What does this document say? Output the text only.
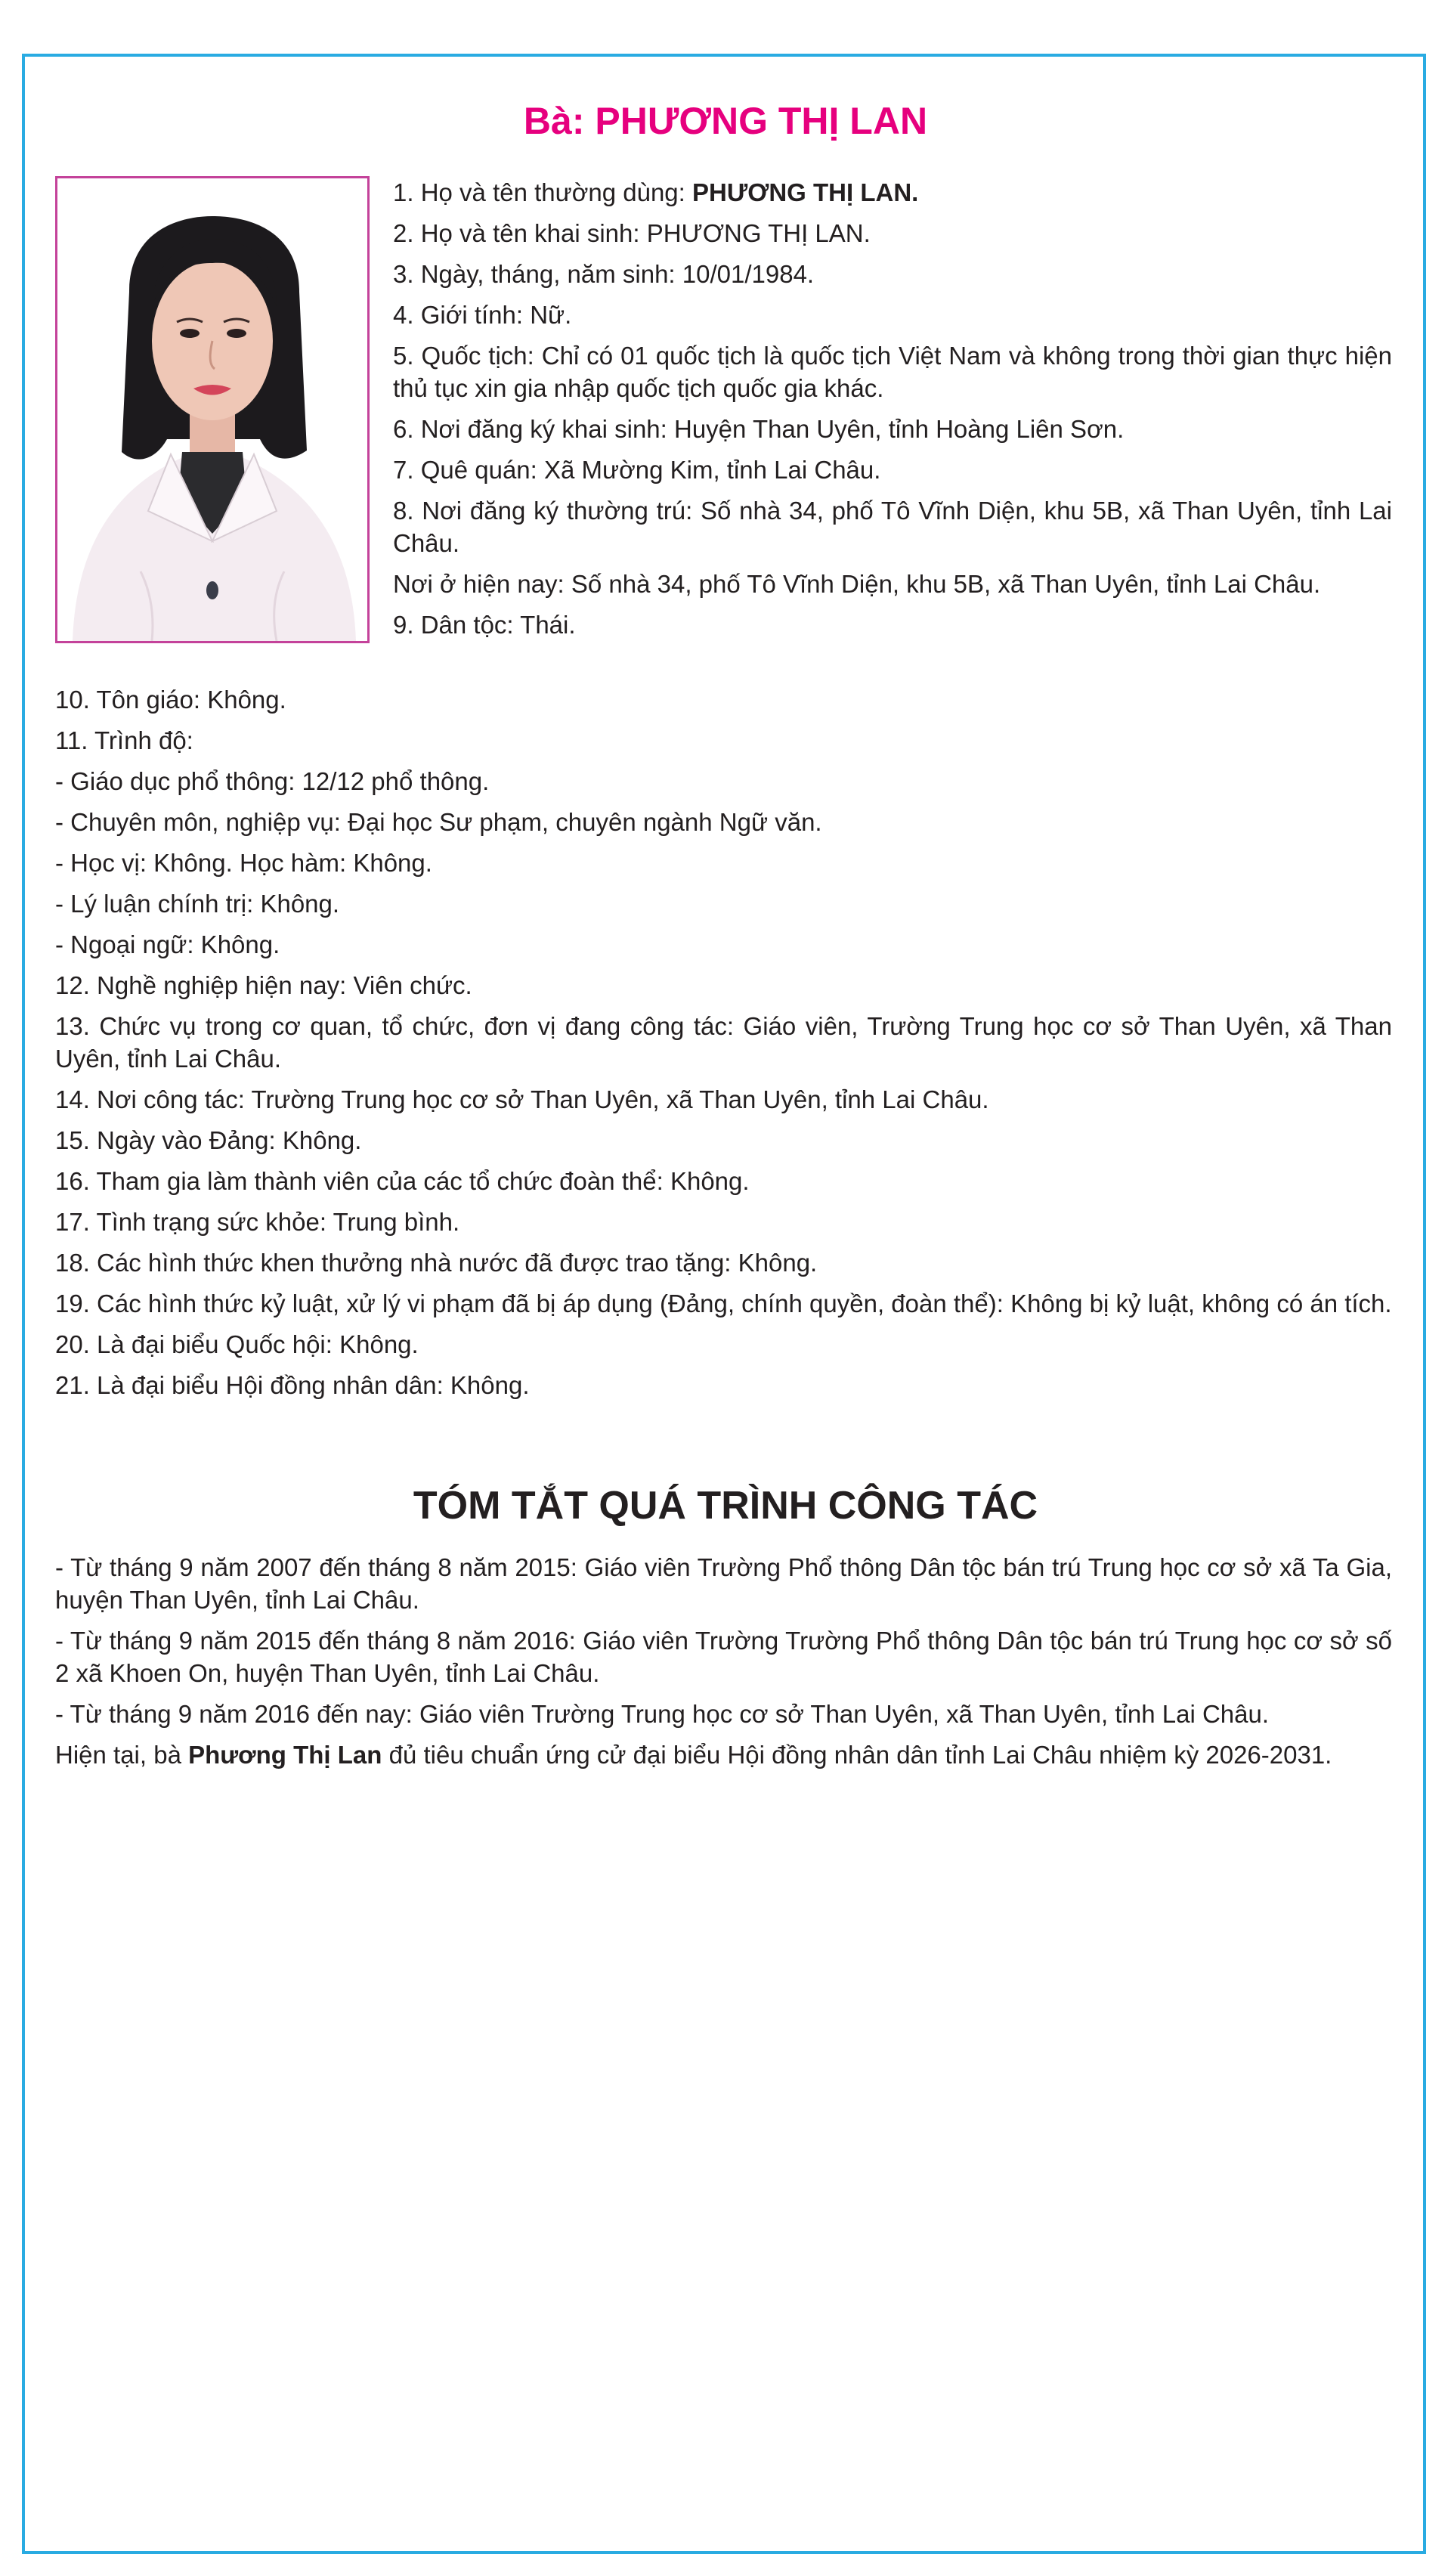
Bà: PHƯƠNG THỊ LAN

1. Họ và tên thường dùng: PHƯƠNG THỊ LAN.

2. Họ và tên khai sinh: PHƯƠNG THỊ LAN.

3. Ngày, tháng, năm sinh: 10/01/1984.

4. Giới tính: Nữ.

5. Quốc tịch: Chỉ có 01 quốc tịch là quốc tịch Việt Nam và không trong thời gian thực hiện thủ tục xin gia nhập quốc tịch quốc gia khác.

6. Nơi đăng ký khai sinh: Huyện Than Uyên, tỉnh Hoàng Liên Sơn.

7. Quê quán: Xã Mường Kim, tỉnh Lai Châu.

8. Nơi đăng ký thường trú: Số nhà 34, phố Tô Vĩnh Diện, khu 5B, xã Than Uyên, tỉnh Lai Châu.

Nơi ở hiện nay: Số nhà 34, phố Tô Vĩnh Diện, khu 5B, xã Than Uyên, tỉnh Lai Châu.

9. Dân tộc: Thái.

10. Tôn giáo: Không.

11. Trình độ:

- Giáo dục phổ thông: 12/12 phổ thông.

- Chuyên môn, nghiệp vụ: Đại học Sư phạm, chuyên ngành Ngữ văn.

- Học vị: Không. Học hàm: Không.

- Lý luận chính trị: Không.

- Ngoại ngữ: Không.

12. Nghề nghiệp hiện nay: Viên chức.

13. Chức vụ trong cơ quan, tổ chức, đơn vị đang công tác: Giáo viên, Trường Trung học cơ sở Than Uyên, xã Than Uyên, tỉnh Lai Châu.

14. Nơi công tác: Trường Trung học cơ sở Than Uyên, xã Than Uyên, tỉnh Lai Châu.

15. Ngày vào Đảng: Không.

16. Tham gia làm thành viên của các tổ chức đoàn thể: Không.

17. Tình trạng sức khỏe: Trung bình.

18. Các hình thức khen thưởng nhà nước đã được trao tặng: Không.

19. Các hình thức kỷ luật, xử lý vi phạm đã bị áp dụng (Đảng, chính quyền, đoàn thể): Không bị kỷ luật, không có án tích.

20. Là đại biểu Quốc hội: Không.

21. Là đại biểu Hội đồng nhân dân: Không.

TÓM TẮT QUÁ TRÌNH CÔNG TÁC

- Từ tháng 9 năm 2007 đến tháng 8 năm 2015: Giáo viên Trường Phổ thông Dân tộc bán trú Trung học cơ sở xã Ta Gia, huyện Than Uyên, tỉnh Lai Châu.

- Từ tháng 9 năm 2015 đến tháng 8 năm 2016: Giáo viên Trường Trường Phổ thông Dân tộc bán trú Trung học cơ sở số 2 xã Khoen On, huyện Than Uyên, tỉnh Lai Châu.

- Từ tháng 9 năm 2016 đến nay: Giáo viên Trường Trung học cơ sở Than Uyên, xã Than Uyên, tỉnh Lai Châu.

Hiện tại, bà Phương Thị Lan đủ tiêu chuẩn ứng cử đại biểu Hội đồng nhân dân tỉnh Lai Châu nhiệm kỳ 2026-2031.
